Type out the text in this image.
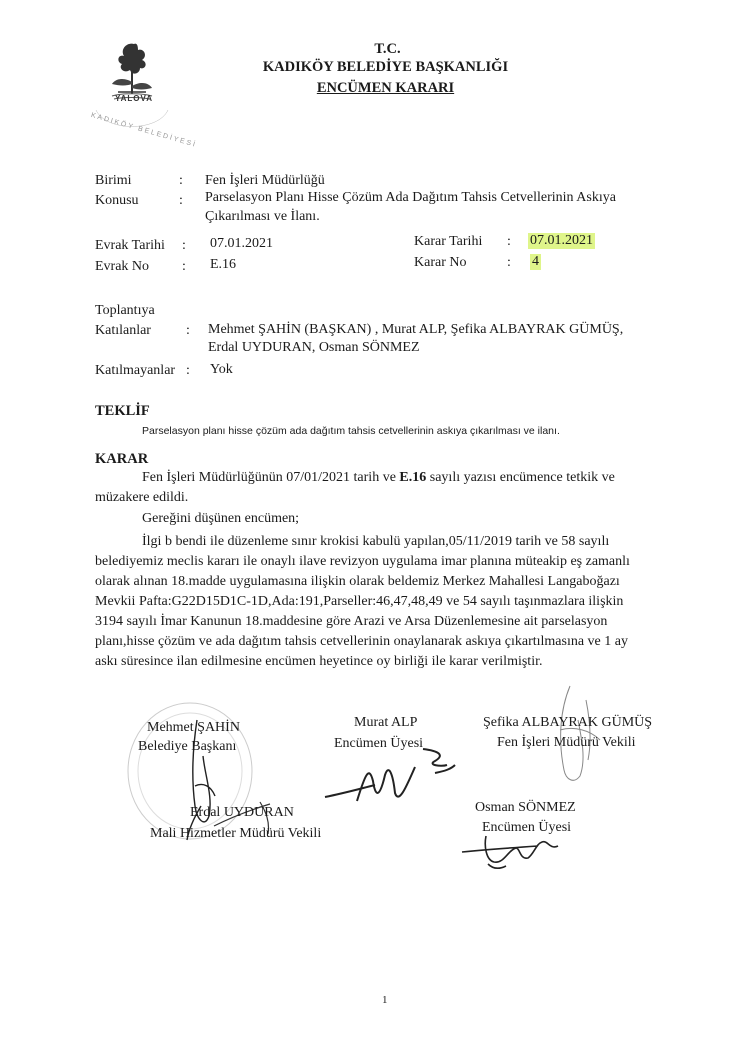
YALOVA
KADIKÖY BELEDİYESİ
T.C.
KADIKÖY BELEDİYE BAŞKANLIĞI
ENCÜMEN KARARI
Birimi	: Fen İşleri Müdürlüğü
Konusu	: Parselasyon Planı Hisse Çözüm Ada Dağıtım Tahsis Cetvellerinin Askıya
Çıkarılması ve İlanı.
Evrak Tarihi : 07.01.2021
Evrak No : E.16
Karar Tarihi : 07.01.2021
Karar No	: 4
Toplantıya
Katılanlar	: Mehmet ŞAHİN (BAŞKAN) , Murat ALP, Şefika ALBAYRAK GÜMÜŞ,
Erdal UYDURAN, Osman SÖNMEZ
Katılmayanlar : Yok
TEKLİF
Parselasyon planı hisse çözüm ada dağıtım tahsis cetvellerinin askıya çıkarılması ve ilanı.
KARAR
Fen İşleri Müdürlüğünün 07/01/2021 tarih ve E.16 sayılı yazısı encümence tetkik ve
müzakere edildi.
Gereğini düşünen encümen;
İlgi b bendi ile düzenleme sınır krokisi kabulü yapılan,05/11/2019 tarih ve 58 sayılı
belediyemiz meclis kararı ile onaylı ilave revizyon uygulama imar planına müteakip eş zamanlı
olarak alınan 18.madde uygulamasına ilişkin olarak beldemiz Merkez Mahallesi Langaboğazı
Mevkii Pafta:G22D15D1C-1D,Ada:191,Parseller:46,47,48,49 ve 54 sayılı taşınmazlara ilişkin
3194 sayılı İmar Kanunun 18.maddesine göre Arazi ve Arsa Düzenlemesine ait parselasyon
planı,hisse çözüm ve ada dağıtım tahsis cetvellerinin onaylanarak askıya çıkartılmasına ve 1 ay
askı süresince ilan edilmesine encümen heyetince oy birliği ile karar verilmiştir.
Mehmet ŞAHİN
Belediye Başkanı
Murat ALP
Encümen Üyesi
Şefika ALBAYRAK GÜMÜŞ
Fen İşleri Müdürü Vekili
Erdal UYDURAN
Mali Hizmetler Müdürü Vekili
Osman SÖNMEZ
Encümen Üyesi
1
